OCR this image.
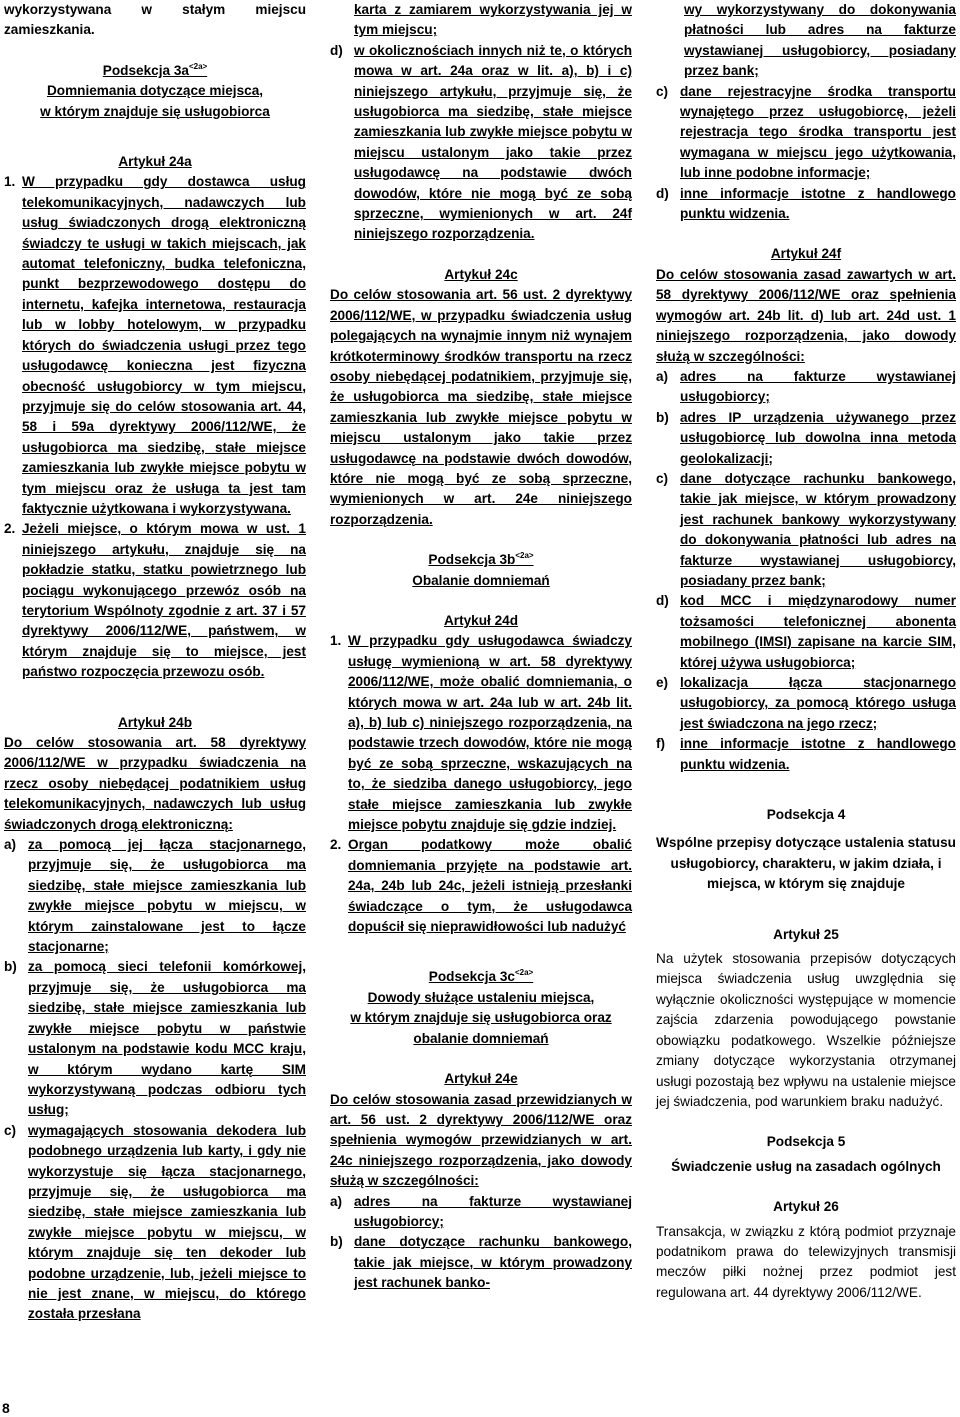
wykorzystywana w stałym miejscu zamieszkania.

Podsekcja $3a^{<2a>}$

Domniemania dotyczące miejsca,

w którym znajduje się usługobiorca

Artykuł 24a

1. W przypadku gdy dostawca usług telekomunikacyjnych, nadawczych lub usług świadczonych drogą elektroniczną świadczy te usługi w takich miejscach, jak automat telefoniczny, budka telefoniczna, punkt bezprzewodowego dostępu do internetu, kafejka internetowa, restauracja lub w lobby hotelowym, w przypadku których do świadczenia usługi przez tego usługodawcę konieczna jest fizyczna obecność usługobiorcy w tym miejscu, przyjmuje się do celów stosowania art. 44, 58 i 59a dyrektywy 2006/112/WE, że usługobiorca ma siedzibę, stałe miejsce zamieszkania lub zwykłe miejsce pobytu w tym miejscu oraz że usługa ta jest tam faktycznie użytkowana i wykorzystywana.
2. Jeżeli miejsce, o którym mowa w ust. 1 niniejszego artykułu, znajduje się na pokładzie statku, statku powietrznego lub pociągu wykonującego przewóz osób na terytorium Wspólnoty zgodnie z art. 37 i 57 dyrektywy 2006/112/WE, państwem, w którym znajduje się to miejsce, jest państwo rozpoczęcia przewozu osób.

Artykuł 24b

Do celów stosowania art. 58 dyrektywy 2006/112/WE w przypadku świadczenia na rzecz osoby niebędącej podatnikiem usług telekomunikacyjnych, nadawczych lub usług świadczonych drogą elektroniczną:

a) za pomocą jej łącza stacjonarnego, przyjmuje się, że usługobiorca ma siedzibę, stałe miejsce zamieszkania lub zwykłe miejsce pobytu w miejscu, w którym zainstalowane jest to łącze stacjonarne;
b) za pomocą sieci telefonii komórkowej, przyjmuje się, że usługobiorca ma siedzibę, stałe miejsce zamieszkania lub zwykłe miejsce pobytu w państwie ustalonym na podstawie kodu MCC kraju, w którym wydano kartę SIM wykorzystywaną podczas odbioru tych usług;
c) wymagających stosowania dekodera lub podobnego urządzenia lub karty, i gdy nie wykorzystuje się łącza stacjonarnego, przyjmuje się, że usługobiorca ma siedzibę, stałe miejsce zamieszkania lub zwykłe miejsce pobytu w miejscu, w którym znajduje się ten dekoder lub podobne urządzenie, lub, jeżeli miejsce to nie jest znane, w miejscu, do którego została przesłana

karta z zamiarem wykorzystywania jej w tym miejscu;

d) w okolicznościach innych niż te, o których mowa w art. 24a oraz w lit. a), b) i c) niniejszego artykułu, przyjmuje się, że usługobiorca ma siedzibę, stałe miejsce zamieszkania lub zwykłe miejsce pobytu w miejscu ustalonym jako takie przez usługodawcę na podstawie dwóch dowodów, które nie mogą być ze sobą sprzeczne, wymienionych w art. 24f niniejszego rozporządzenia.

Artykuł 24c

Do celów stosowania art. 56 ust. 2 dyrektywy 2006/112/WE, w przypadku świadczenia usług polegających na wynajmie innym niż wynajem krótkoterminowy środków transportu na rzecz osoby niebędącej podatnikiem, przyjmuje się, że usługobiorca ma siedzibę, stałe miejsce zamieszkania lub zwykłe miejsce pobytu w miejscu ustalonym jako takie przez usługodawcę na podstawie dwóch dowodów, które nie mogą być ze sobą sprzeczne, wymienionych w art. 24e niniejszego rozporządzenia.

Podsekcja $3b^{<2a>}$

Obalanie domniemań

Artykuł 24d

1. W przypadku gdy usługodawca świadczy usługę wymienioną w art. 58 dyrektywy 2006/112/WE, może obalić domniemania, o których mowa w art. 24a lub w art. 24b lit. a), b) lub c) niniejszego rozporządzenia, na podstawie trzech dowodów, które nie mogą być ze sobą sprzeczne, wskazujących na to, że siedziba danego usługobiorcy, jego stałe miejsce zamieszkania lub zwykłe miejsce pobytu znajduje się gdzie indziej.
2. Organ podatkowy może obalić domniemania przyjęte na podstawie art. 24a, 24b lub 24c, jeżeli istnieją przesłanki świadczące o tym, że usługodawca dopuścił się nieprawidłowości lub nadużyć

Podsekcja $3c^{<2a>}$

Dowody służące ustaleniu miejsca,

w którym znajduje się usługobiorca oraz

obalanie domniemań

Artykuł 24e

Do celów stosowania zasad przewidzianych w art. 56 ust. 2 dyrektywy 2006/112/WE oraz spełnienia wymogów przewidzianych w art. 24c niniejszego rozporządzenia, jako dowody służą w szczególności:

a) adres na fakturze wystawianej usługobiorcy;
b) dane dotyczące rachunku bankowego, takie jak miejsce, w którym prowadzony jest rachunek banko-

wy wykorzystywany do dokonywania płatności lub adres na fakturze wystawianej usługobiorcy, posiadany przez bank;

c) dane rejestracyjne środka transportu wynajętego przez usługobiorcę, jeżeli rejestracja tego środka transportu jest wymagana w miejscu jego użytkowania, lub inne podobne informacje;
d) inne informacje istotne z handlowego punktu widzenia.

Artykuł 24f

Do celów stosowania zasad zawartych w art. 58 dyrektywy 2006/112/WE oraz spełnienia wymogów art. 24b lit. d) lub art. 24d ust. 1 niniejszego rozporządzenia, jako dowody służą w szczególności:

a) adres na fakturze wystawianej usługobiorcy;
b) adres IP urządzenia używanego przez usługobiorcę lub dowolna inna metoda geolokalizacji;
c) dane dotyczące rachunku bankowego, takie jak miejsce, w którym prowadzony jest rachunek bankowy wykorzystywany do dokonywania płatności lub adres na fakturze wystawianej usługobiorcy, posiadany przez bank;
d) kod MCC i międzynarodowy numer tożsamości telefonicznej abonenta mobilnego (IMSI) zapisane na karcie SIM, której używa usługobiorca;
e) lokalizacja łącza stacjonarnego usługobiorcy, za pomocą którego usługa jest świadczona na jego rzecz;
f)	inne informacje istotne z handlowego punktu widzenia.

Podsekcja 4

Wspólne przepisy dotyczące ustalenia statusu usługobiorcy, charakteru, w jakim działa, i miejsca, w którym się znajduje

Artykuł 25

Na użytek stosowania przepisów dotyczących miejsca świadczenia usług uwzględnia się wyłącznie okoliczności występujące w momencie zajścia zdarzenia powodującego powstanie obowiązku podatkowego. Wszelkie późniejsze zmiany dotyczące wykorzystania otrzymanej usługi pozostają bez wpływu na ustalenie miejsce jej świadczenia, pod warunkiem braku nadużyć.

Podsekcja 5

Świadczenie usług na zasadach ogólnych

Artykuł 26

Transakcja, w związku z którą podmiot przyznaje podatnikom prawa do telewizyjnych transmisji meczów piłki nożnej przez podmiot jest regulowana art. 44 dyrektywy 2006/112/WE.

8
